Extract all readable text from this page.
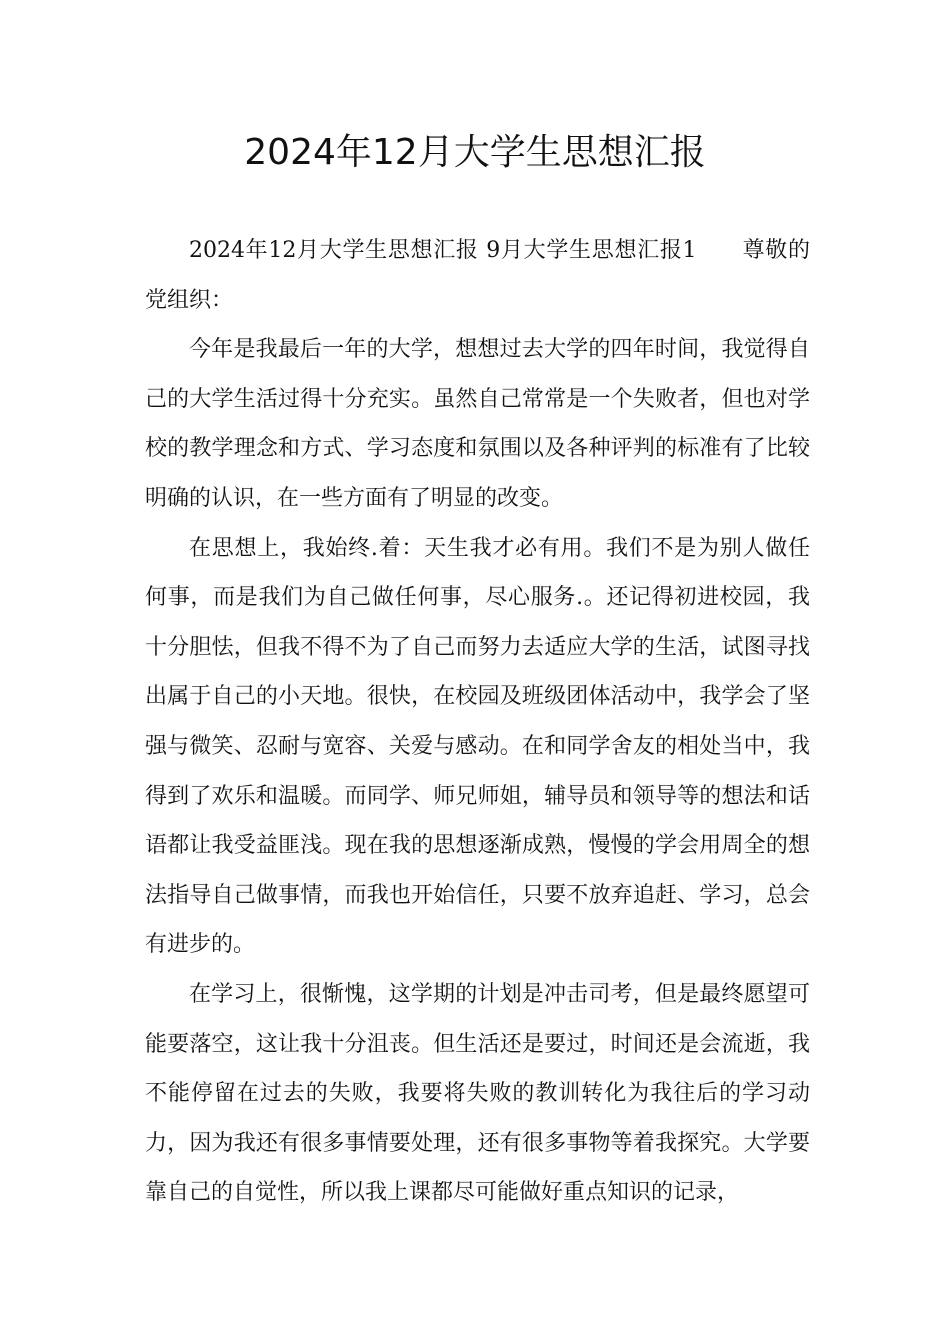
2024年12月大学生思想汇报

2024年12月大学生思想汇报 9月大学生思想汇报1　　尊敬的党组织：

今年是我最后一年的大学，想想过去大学的四年时间，我觉得自己的大学生活过得十分充实。虽然自己常常是一个失败者，但也对学校的教学理念和方式、学习态度和氛围以及各种评判的标准有了比较明确的认识，在一些方面有了明显的改变。

在思想上，我始终.着：天生我才必有用。我们不是为别人做任何事，而是我们为自己做任何事，尽心服务.。还记得初进校园，我十分胆怯，但我不得不为了自己而努力去适应大学的生活，试图寻找出属于自己的小天地。很快，在校园及班级团体活动中，我学会了坚强与微笑、忍耐与宽容、关爱与感动。在和同学舍友的相处当中，我得到了欢乐和温暖。而同学、师兄师姐，辅导员和领导等的想法和话语都让我受益匪浅。现在我的思想逐渐成熟，慢慢的学会用周全的想法指导自己做事情，而我也开始信任，只要不放弃追赶、学习，总会有进步的。

在学习上，很惭愧，这学期的计划是冲击司考，但是最终愿望可能要落空，这让我十分沮丧。但生活还是要过，时间还是会流逝，我不能停留在过去的失败，我要将失败的教训转化为我往后的学习动力，因为我还有很多事情要处理，还有很多事物等着我探究。大学要靠自己的自觉性，所以我上课都尽可能做好重点知识的记录，
